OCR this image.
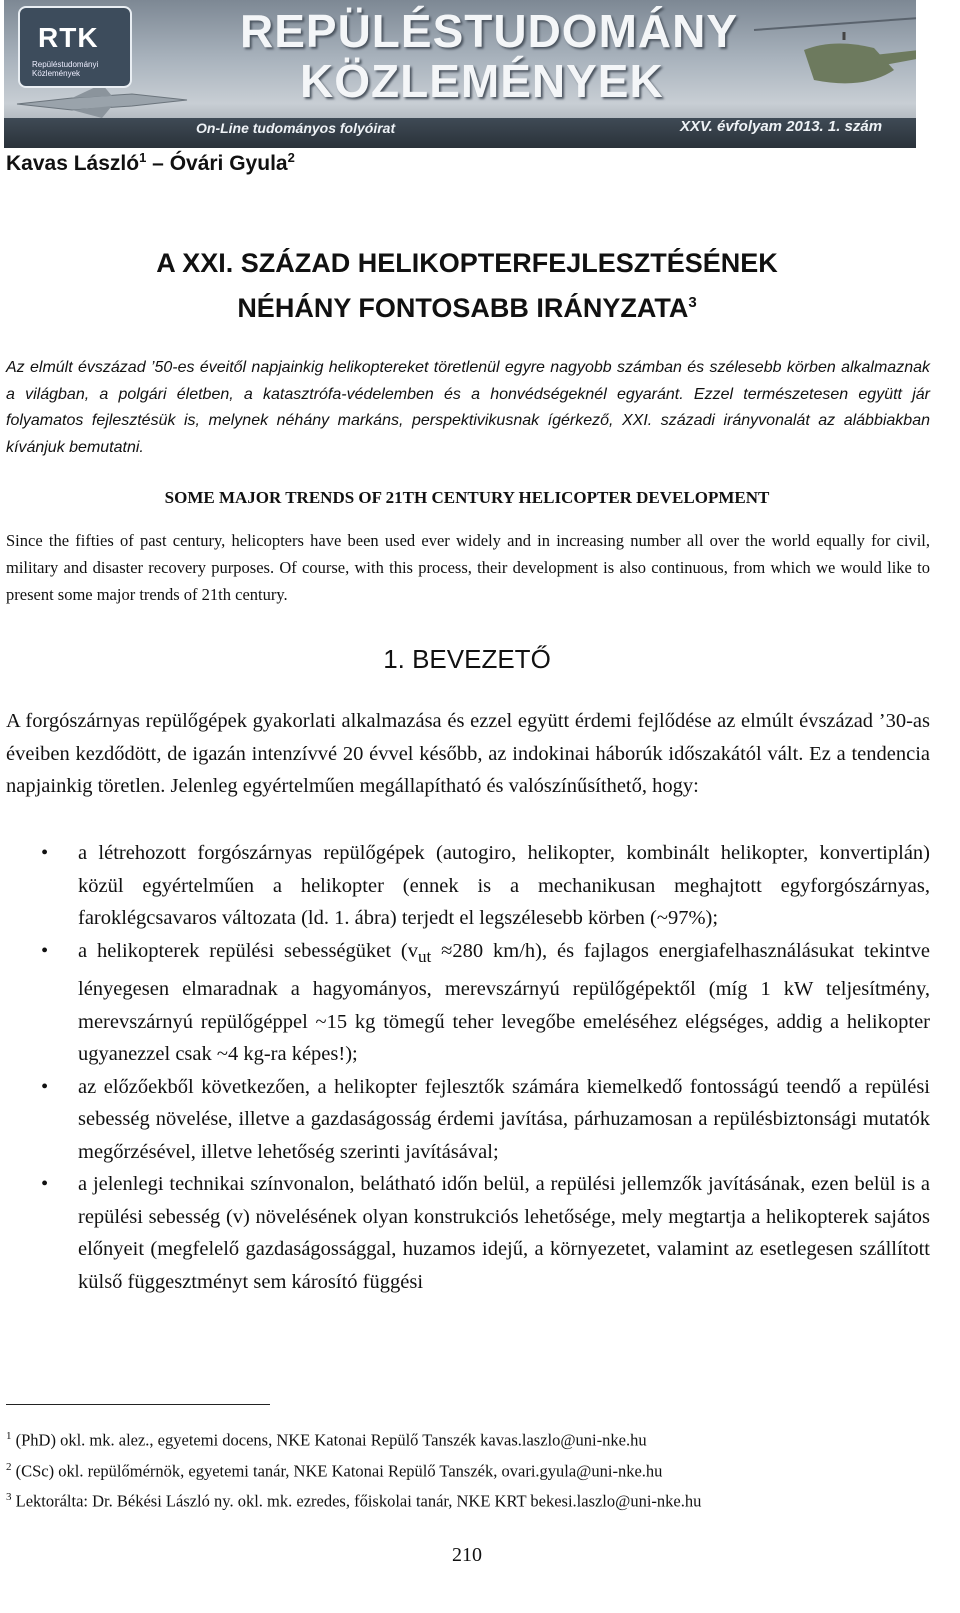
RTK
Repüléstudományi Közlemények
REPÜLÉSTUDOMÁNY
KÖZLEMÉNYEK
On-Line tudományos folyóirat	XXV. évfolyam 2013. 1. szám
Kavas László$^1$ – Óvári Gyula$^2$
A XXI. SZÁZAD HELIKOPTERFEJLESZTÉSÉNEK
NÉHÁNY FONTOSABB IRÁNYZATA$^3$
Az elmúlt évszázad ’50-es éveitől napjainkig helikoptereket töretlenül egyre nagyobb számban és szélesebb körben alkalmaznak a világban, a polgári életben, a katasztrófa-védelemben és a honvédségeknél egyaránt. Ezzel természetesen együtt jár folyamatos fejlesztésük is, melynek néhány markáns, perspektivikusnak ígérkező, XXI. századi irányvonalát az alábbiakban kívánjuk bemutatni.
SOME MAJOR TRENDS OF 21TH CENTURY HELICOPTER DEVELOPMENT
Since the fifties of past century, helicopters have been used ever widely and in increasing number all over the world equally for civil, military and disaster recovery purposes. Of course, with this process, their development is also continuous, from which we would like to present some major trends of 21th century.
1. BEVEZETŐ
A forgószárnyas repülőgépek gyakorlati alkalmazása és ezzel együtt érdemi fejlődése az elmúlt évszázad ’30-as éveiben kezdődött, de igazán intenzívvé 20 évvel később, az indokinai háborúk időszakától vált. Ez a tendencia napjainkig töretlen. Jelenleg egyértelműen megállapítható és valószínűsíthető, hogy:
• a létrehozott forgószárnyas repülőgépek (autogiro, helikopter, kombinált helikopter, konvertiplán) közül egyértelműen a helikopter (ennek is a mechanikusan meghajtott egyforgószárnyas, faroklégcsavaros változata (ld. 1. ábra) terjedt el legszélesebb körben (~97%);
• a helikopterek repülési sebességüket ($v_{ut} \approx 280$ km/h), és fajlagos energiafelhasználásukat tekintve lényegesen elmaradnak a hagyományos, merevszárnyú repülőgépektől (míg 1 kW teljesítmény, merevszárnyú repülőgéppel ~15 kg tömegű teher levegőbe emeléséhez elégséges, addig a helikopter ugyanezzel csak ~4 kg-ra képes!);
• az előzőekből következően, a helikopter fejlesztők számára kiemelkedő fontosságú teendő a repülési sebesség növelése, illetve a gazdaságosság érdemi javítása, párhuzamosan a repülésbiztonsági mutatók megőrzésével, illetve lehetőség szerinti javításával;
• a jelenlegi technikai színvonalon, belátható időn belül, a repülési jellemzők javításának, ezen belül is a repülési sebesség (v) növelésének olyan konstrukciós lehetősége, mely megtartja a helikopterek sajátos előnyeit (megfelelő gazdaságossággal, huzamos idejű, a környezetet, valamint az esetlegesen szállított külső függesztményt sem károsító függési
$^1$ (PhD) okl. mk. alez., egyetemi docens, NKE Katonai Repülő Tanszék kavas.laszlo@uni-nke.hu
$^2$ (CSc) okl. repülőmérnök, egyetemi tanár, NKE Katonai Repülő Tanszék, ovari.gyula@uni-nke.hu
$^3$ Lektorálta: Dr. Békési László ny. okl. mk. ezredes, főiskolai tanár, NKE KRT bekesi.laszlo@uni-nke.hu
210
